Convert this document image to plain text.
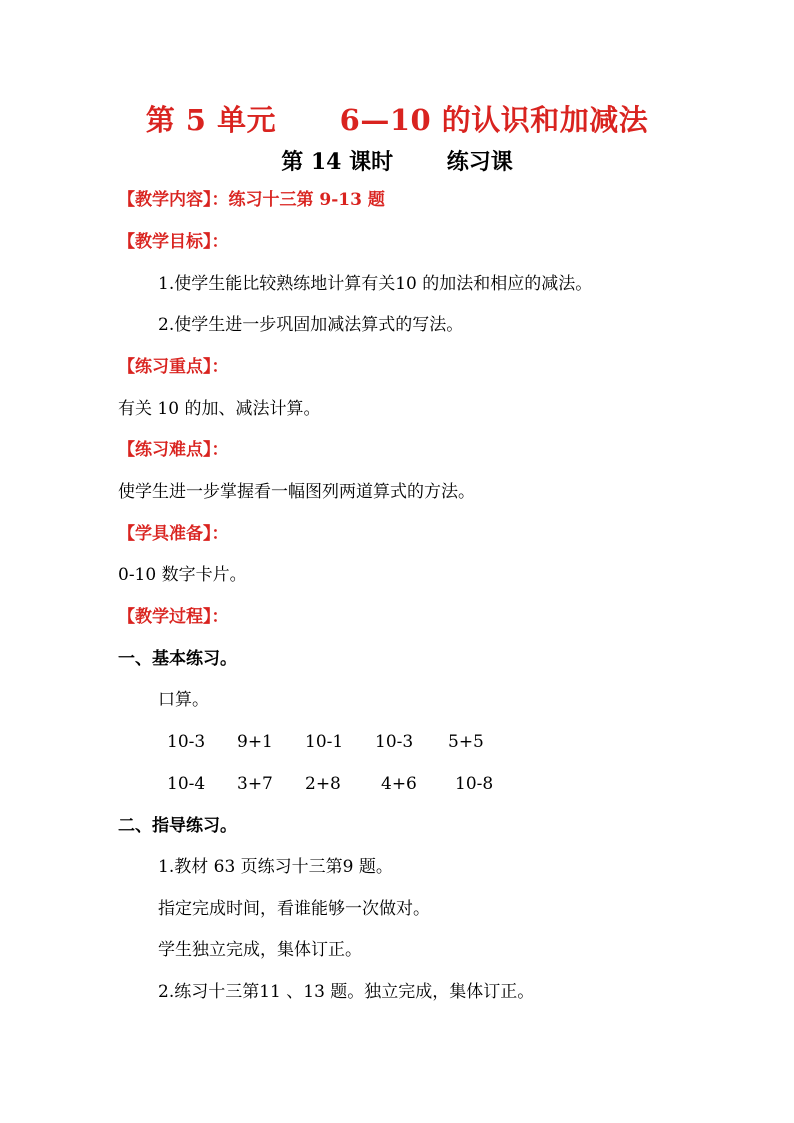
第 5 单元      6—10 的认识和加减法
第 14 课时       练习课
【教学内容】：练习十三第 9-13 题
【教学目标】：
1.使学生能比较熟练地计算有关10 的加法和相应的减法。
2.使学生进一步巩固加减法算式的写法。
【练习重点】：
有关 10 的加、减法计算。
【练习难点】：
使学生进一步掌握看一幅图列两道算式的方法。
【学具准备】：
0-10 数字卡片。
【教学过程】：
一、基本练习。
口算。
10-3 9+1 10-1 10-3 5+5
10-4 3+7 2+8 4+6 10-8
二、指导练习。
1.教材 63 页练习十三第9 题。
指定完成时间，看谁能够一次做对。
学生独立完成，集体订正。
2.练习十三第11 、13 题。独立完成，集体订正。
